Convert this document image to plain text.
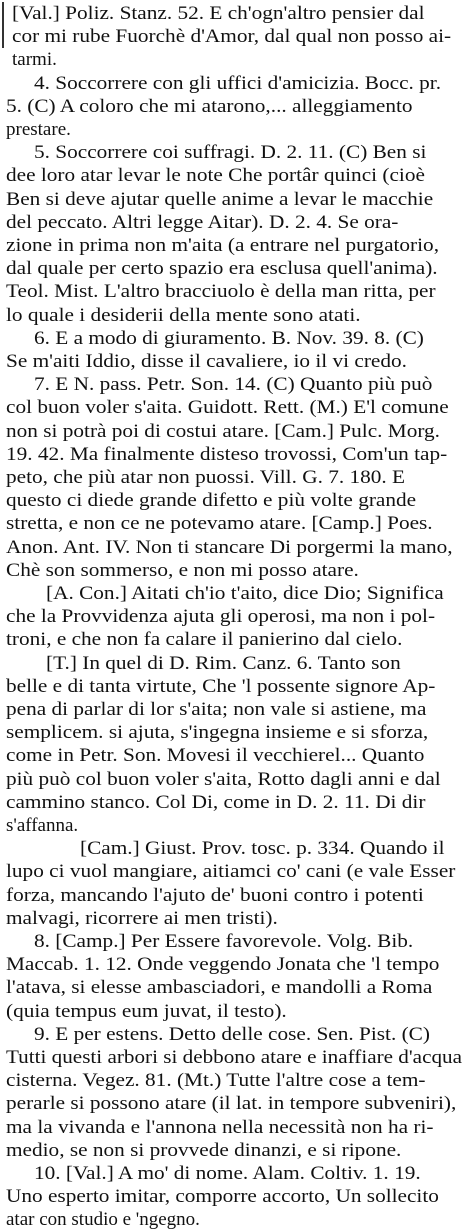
[Val.] Poliz. Stanz. 52. E ch'ogn'altro pensier dal

cor mi rube Fuorchè d'Amor, dal qual non posso ai-

tarmi.

4. Soccorrere con gli uffici d'amicizia. Bocc. pr.

5. (C) A coloro che mi atarono,... alleggiamento

prestare.

5. Soccorrere coi suffragi. D. 2. 11. (C) Ben si

dee loro atar levar le note Che portâr quinci (cioè

Ben si deve ajutar quelle anime a levar le macchie

del peccato. Altri legge Aitar). D. 2. 4. Se ora-

zione in prima non m'aita (a entrare nel purgatorio,

dal quale per certo spazio era esclusa quell'anima).

Teol. Mist. L'altro bracciuolo è della man ritta, per

lo quale i desiderii della mente sono atati.

6. E a modo di giuramento. B. Nov. 39. 8. (C)

Se m'aiti Iddio, disse il cavaliere, io il vi credo.

7. E N. pass. Petr. Son. 14. (C) Quanto più può

col buon voler s'aita. Guidott. Rett. (M.) E'l comune

non si potrà poi di costui atare. [Cam.] Pulc. Morg.

19. 42. Ma finalmente disteso trovossi, Com'un tap-

peto, che più atar non puossi. Vill. G. 7. 180. E

questo ci diede grande difetto e più volte grande

stretta, e non ce ne potevamo atare. [Camp.] Poes.

Anon. Ant. IV. Non ti stancare Di porgermi la mano,

Chè son sommerso, e non mi posso atare.

[A. Con.] Aitati ch'io t'aito, dice Dio; Significa

che la Provvidenza ajuta gli operosi, ma non i pol-

troni, e che non fa calare il panierino dal cielo.

[T.] In quel di D. Rim. Canz. 6. Tanto son

belle e di tanta virtute, Che 'l possente signore Ap-

pena di parlar di lor s'aita; non vale si astiene, ma

semplicem. si ajuta, s'ingegna insieme e si sforza,

come in Petr. Son. Movesi il vecchierel... Quanto

più può col buon voler s'aita, Rotto dagli anni e dal

cammino stanco. Col Di, come in D. 2. 11. Di dir

s'affanna.

[Cam.] Giust. Prov. tosc. p. 334. Quando il

lupo ci vuol mangiare, aitiamci co' cani (e vale Esser

forza, mancando l'ajuto de' buoni contro i potenti

malvagi, ricorrere ai men tristi).

8. [Camp.] Per Essere favorevole. Volg. Bib.

Maccab. 1. 12. Onde veggendo Jonata che 'l tempo

l'atava, si elesse ambasciadori, e mandolli a Roma

(quia tempus eum juvat, il testo).

9. E per estens. Detto delle cose. Sen. Pist. (C)

Tutti questi arbori si debbono atare e inaffiare d'acqua

cisterna. Vegez. 81. (Mt.) Tutte l'altre cose a tem-

perarle si possono atare (il lat. in tempore subveniri),

ma la vivanda e l'annona nella necessità non ha ri-

medio, se non si provvede dinanzi, e si ripone.

10. [Val.] A mo' di nome. Alam. Coltiv. 1. 19.

Uno esperto imitar, comporre accorto, Un sollecito

atar con studio e 'ngegno.
